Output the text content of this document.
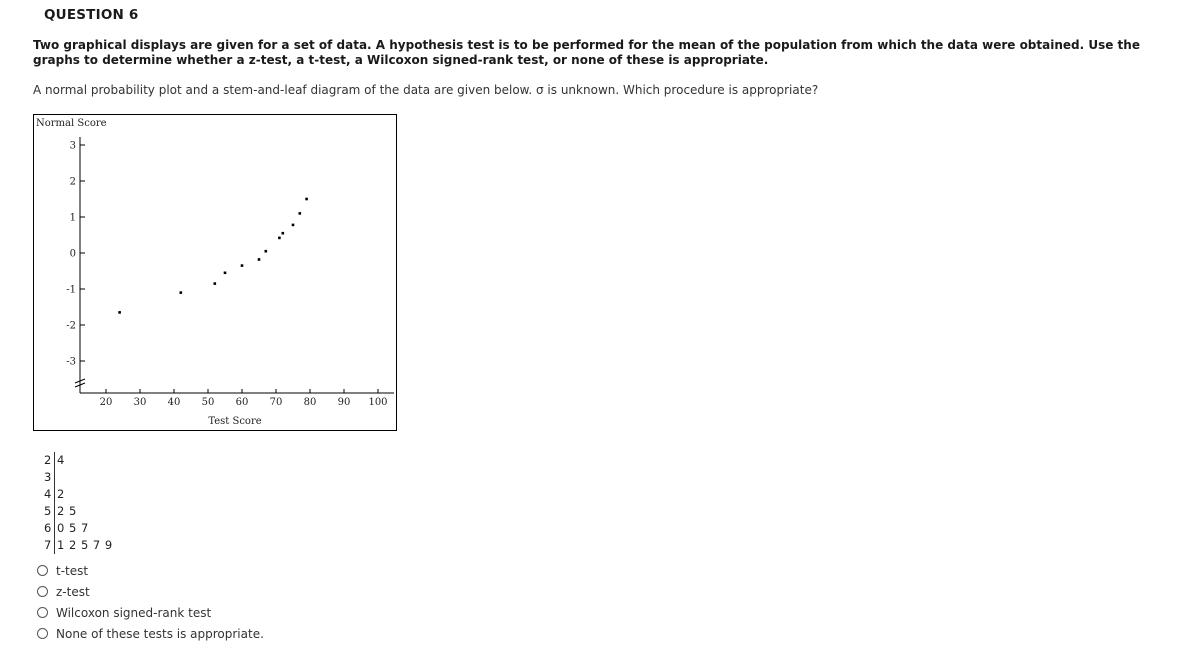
QUESTION 6
Two graphical displays are given for a set of data. A hypothesis test is to be performed for the mean of the population from which the data were obtained. Use the graphs to determine whether a z-test, a t-test, a Wilcoxon signed-rank test, or none of these is appropriate.
A normal probability plot and a stem-and-leaf diagram of the data are given below. σ is unknown. Which procedure is appropriate?
Normal Score
3
2
1
0
-1
-2
-3
20 30 40 50 60 70 80 90 100
Test Score
2 4
3
4 2
5 2 5
6 0 5 7
7 1 2 5 7 9
t-test
z-test
Wilcoxon signed-rank test
None of these tests is appropriate.
